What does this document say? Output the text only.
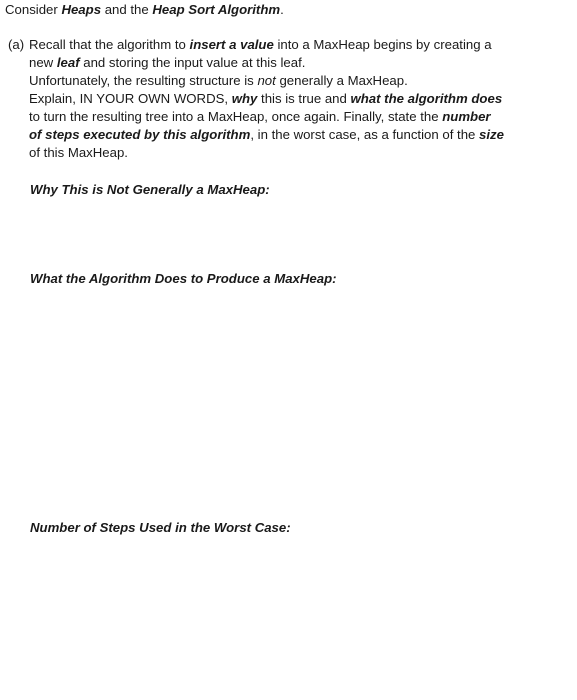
Consider Heaps and the Heap Sort Algorithm.
(a) Recall that the algorithm to insert a value into a MaxHeap begins by creating a
new leaf and storing the input value at this leaf.
Unfortunately, the resulting structure is not generally a MaxHeap.
Explain, IN YOUR OWN WORDS, why this is true and what the algorithm does
to turn the resulting tree into a MaxHeap, once again. Finally, state the number
of steps executed by this algorithm, in the worst case, as a function of the size
of this MaxHeap.
Why This is Not Generally a MaxHeap:
What the Algorithm Does to Produce a MaxHeap:
Number of Steps Used in the Worst Case:
